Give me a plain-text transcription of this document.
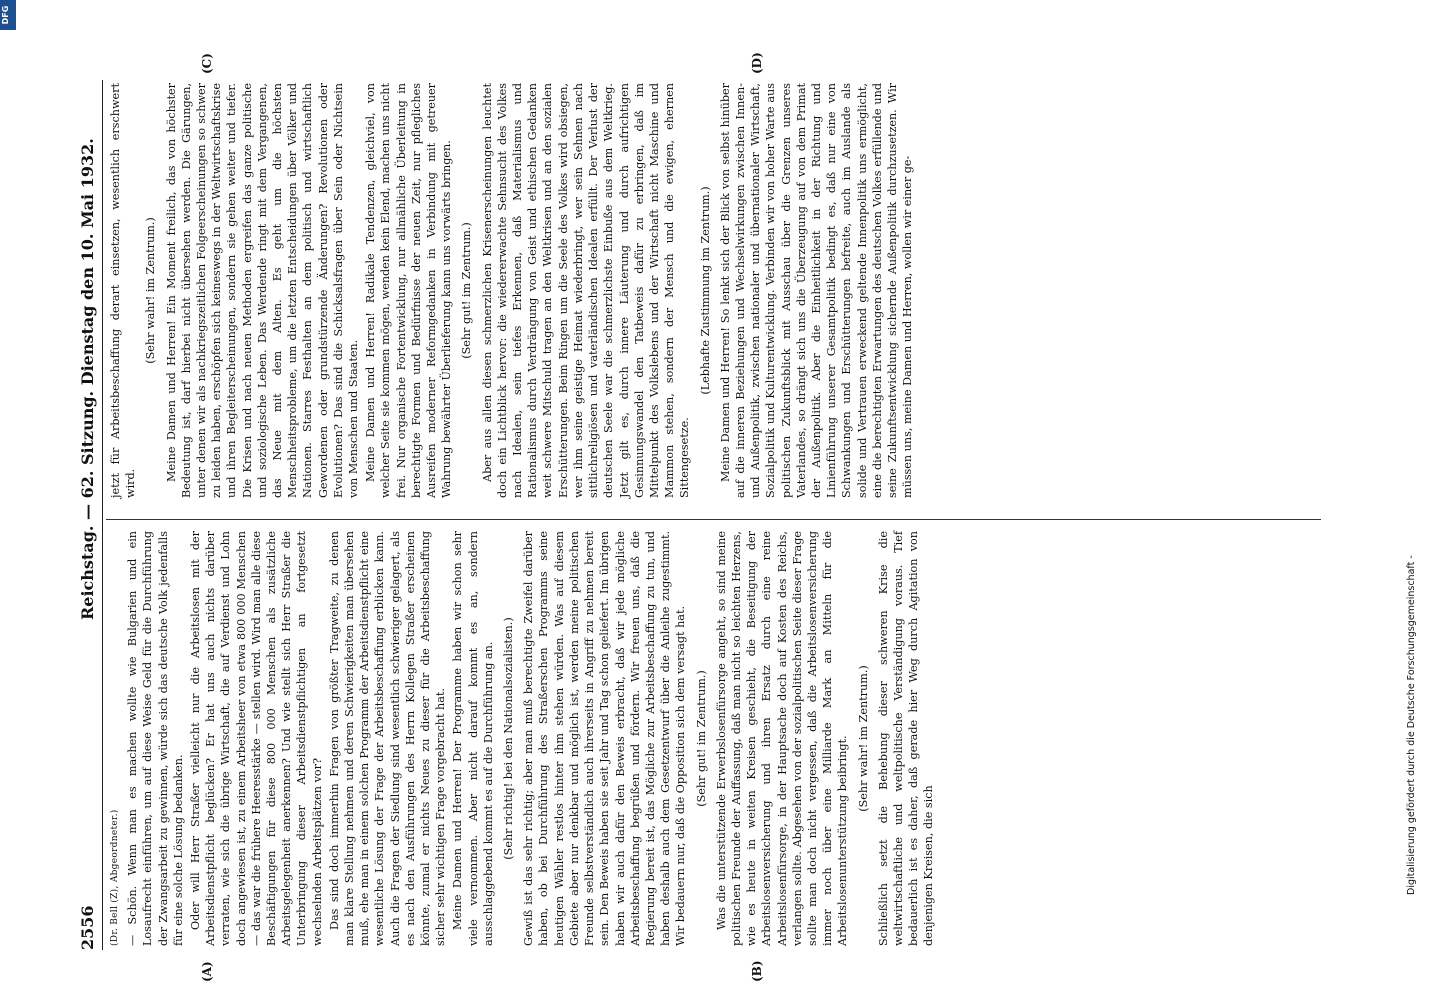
2556
Reichstag. — 62. Sitzung. Dienstag den 10. Mai 1932.
(A)	(B)
(C)	(D)

(Dr. Bell (Z), Abgeordneter.) — Schön. Wenn man es machen wollte wie Bulgarien und ein Losaufrecht einführen, um auf diese Weise Geld für die Durchführung der Zwangsarbeit zu gewinnen, würde sich das deutsche Volk jedenfalls für eine solche Lösung bedanken. Oder will Herr Straßer vielleicht nur die Arbeitslosen mit der Arbeitsdienstpflicht beglücken? Er hat uns auch nichts darüber verraten, wie sich die übrige Wirtschaft, die auf Verdienst und Lohn doch angewiesen ist, zu einem Arbeitsheer von etwa 800 000 Menschen — das war die frühere Heeresstärke — stellen wird. Wird man alle diese Beschäftigungen für diese 800 000 Menschen als zusätzliche Arbeitsgelegenheit anerkennen? Und wie stellt sich Herr Straßer die Unterbringung dieser Arbeitsdienstpflichtigen an fortgesetzt wechselnden Arbeitsplätzen vor? Das sind doch immerhin Fragen von größter Tragweite, zu denen man klare Stellung nehmen und deren Schwierigkeiten man übersehen muß, ehe man in einem solchen Programm der Arbeitsdienstpflicht eine wesentliche Lösung der Frage der Arbeitsbeschaffung erblicken kann. Auch die Fragen der Siedlung sind wesentlich schwieriger gelagert, als es nach den Ausführungen des Herrn Kollegen Straßer erscheinen könnte, zumal er nichts Neues zu dieser für die Arbeitsbeschaffung sicher sehr wichtigen Frage vorgebracht hat. Meine Damen und Herren! Der Programme haben wir schon sehr viele vernommen. Aber nicht darauf kommt es an, sondern ausschlaggebend kommt es auf die Durchführung an. (Sehr richtig! bei den Nationalsozialisten.) Gewiß ist das sehr richtig; aber man muß berechtigte Zweifel darüber haben, ob bei Durchführung des Straßerschen Programms seine heutigen Wähler restlos hinter ihm stehen würden. Was auf diesem Gebiete aber nur denkbar und möglich ist, werden meine politischen Freunde selbstverständlich auch ihrerseits in Angriff zu nehmen bereit sein. Den Beweis haben sie seit Jahr und Tag schon geliefert. Im übrigen haben wir auch dafür den Beweis erbracht, daß wir jede mögliche Arbeitsbeschaffung begrüßen und fördern. Wir freuen uns, daß die Regierung bereit ist, das Mögliche zur Arbeitsbeschaffung zu tun, und haben deshalb auch dem Gesetzentwurf über die Anleihe zugestimmt. Wir bedauern nur, daß die Opposition sich dem versagt hat. (Sehr gut! im Zentrum.) Was die unterstützende Erwerbslosenfürsorge angeht, so sind meine politischen Freunde der Auffassung, daß man nicht so leichten Herzens, wie es heute in weiten Kreisen geschieht, die Beseitigung der Arbeitslosenversicherung und ihren Ersatz durch eine reine Arbeitslosenfürsorge, in der Hauptsache doch auf Kosten des Reichs, verlangen sollte. Abgesehen von der sozialpolitischen Seite dieser Frage sollte man doch nicht vergessen, daß die Arbeitslosenversicherung immer noch über eine Milliarde Mark an Mitteln für die Arbeitslosenunterstützung beibringt. (Sehr wahr! im Zentrum.) Schließlich setzt die Behebung dieser schweren Krise die weltwirtschaftliche und weltpolitische Verständigung voraus. Tief bedauerlich ist es daher, daß gerade hier Weg durch Agitation von denjenigen Kreisen, die sich

jetzt für Arbeitsbeschaffung derart einsetzen, wesentlich erschwert wird.

(Sehr wahr! im Zentrum.) Meine Damen und Herren! Ein Moment freilich, das von höchster Bedeutung ist, darf hierbei nicht übersehen werden. Die Gärungen, unter denen wir als nachkriegszeitlichen Folgeerscheinungen so schwer zu leiden haben, erschöpfen sich keineswegs in der Weltwirtschaftskrise und ihren Begleiterscheinungen, sondern sie gehen weiter und tiefer. Die Krisen und nach neuen Methoden ergreifen das ganze politische und soziologische Leben. Das Werdende ringt mit dem Vergangenen, das Neue mit dem Alten. Es geht um die höchsten Menschheitsprobleme, um die letzten Entscheidungen über Völker und Nationen. Starres Festhalten an dem politisch und wirtschaftlich Gewordenen oder grundstürzende Änderungen? Revolutionen oder Evolutionen? Das sind die Schicksalsfragen über Sein oder Nichtsein von Menschen und Staaten. Meine Damen und Herren! Radikale Tendenzen, gleichviel, von welcher Seite sie kommen mögen, wenden kein Elend, machen uns nicht frei. Nur organische Fortentwicklung, nur allmähliche Überleitung in berechtigte Formen und Bedürfnisse der neuen Zeit, nur pflegliches Ausreifen moderner Reformgedanken in Verbindung mit getreuer Wahrung bewährter Überlieferung kann uns vorwärts bringen. (Sehr gut! im Zentrum.) Aber aus allen diesen schmerzlichen Krisenerscheinungen leuchtet doch ein Lichtblick hervor: die wiedererwachte Sehnsucht des Volkes nach Idealen, sein tiefes Erkennen, daß Materialismus und Rationalismus durch Verdrängung von Geist und ethischen Gedanken weit schwere Mitschuld tragen an den Weltkrisen und an den sozialen Erschütterungen. Beim Ringen um die Seele des Volkes wird obsiegen, wer ihm seine geistige Heimat wiederbringt, wer sein Sehnen nach sittlichreligiösen und vaterländischen Idealen erfüllt. Der Verlust der deutschen Seele war die schmerzlichste Einbuße aus dem Weltkrieg. Jetzt gilt es, durch innere Läuterung und durch aufrichtigen Gesinnungswandel den Tatbeweis dafür zu erbringen, daß im Mittelpunkt des Volkslebens und der Wirtschaft nicht Maschine und Mammon stehen, sondern der Mensch und die ewigen, ehernen Sittengesetze.

(Lebhafte Zustimmung im Zentrum.) Meine Damen und Herren! So lenkt sich der Blick von selbst hinüber auf die inneren Beziehungen und Wechselwirkungen zwischen Innen- und Außenpolitik, zwischen nationaler und übernationaler Wirtschaft, Sozialpolitik und Kulturentwicklung. Verbinden wir von hoher Warte aus politischen Zukunftsblick mit Ausschau über die Grenzen unseres Vaterlandes, so drängt sich uns die Überzeugung auf von dem Primat der Außenpolitik. Aber die Einheitlichkeit in der Richtung und Linienführung unserer Gesamtpolitik bedingt es, daß nur eine von Schwankungen und Erschütterungen befreite, auch im Auslande als solide und Vertrauen erweckend geltende Innenpolitik uns ermöglicht, eine die berechtigten Erwartungen des deutschen Volkes erfüllende und seine Zukunftsentwicklung sichernde Außenpolitik durchzusetzen. Wir müssen uns, meine Damen und Herren, wollen wir einer ge-

Digitalisierung gefördert durch die Deutsche Forschungsgemeinschaft -
DFG
